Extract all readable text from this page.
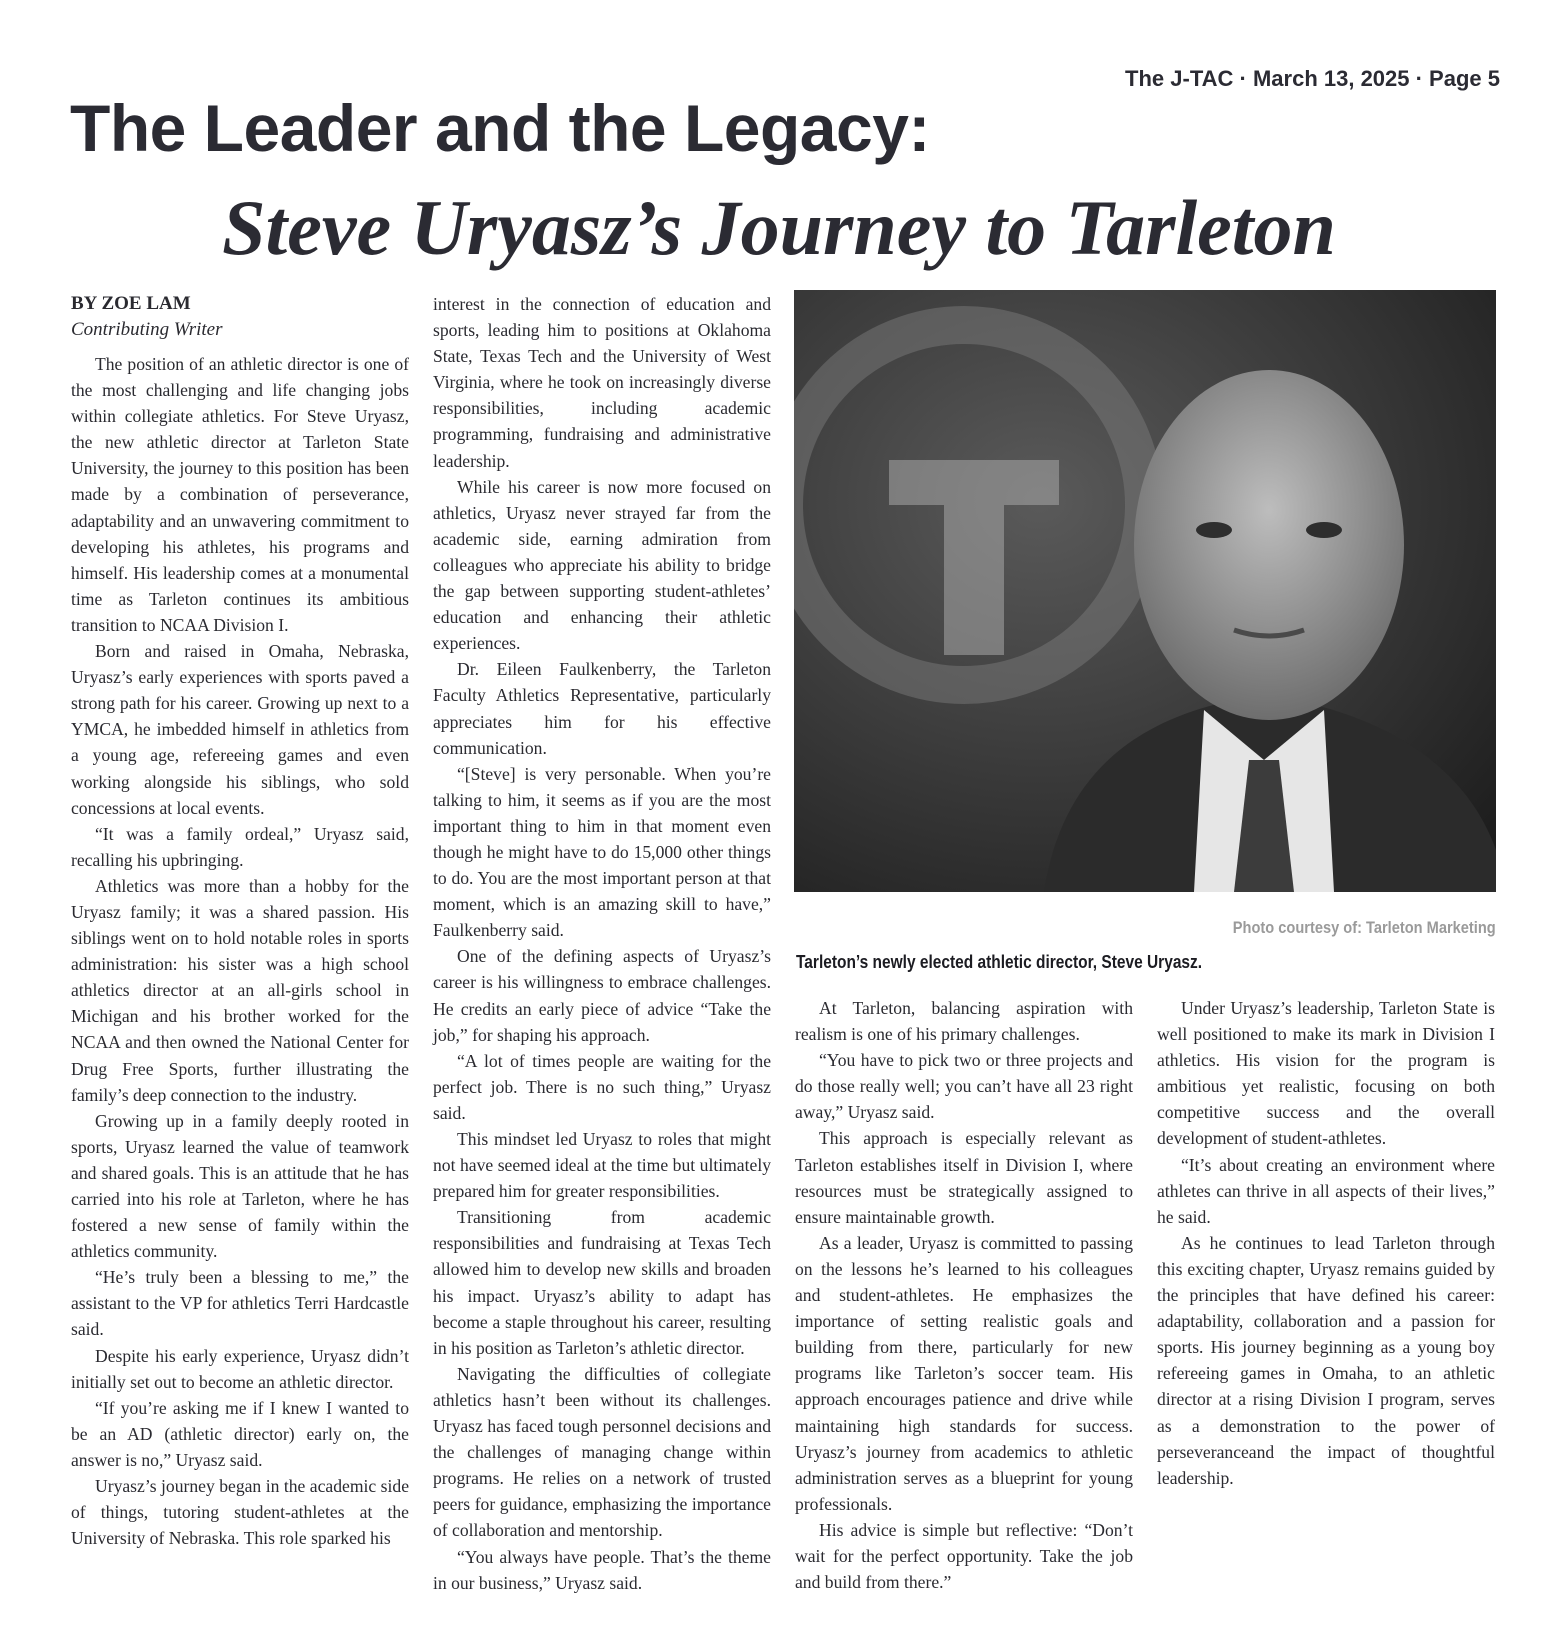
The J-TAC · March 13, 2025 · Page 5
The Leader and the Legacy:
Steve Uryasz’s Journey to Tarleton

BY ZOE LAM

Contributing Writer

The position of an athletic director is one of the most challenging and life changing jobs within collegiate athletics. For Steve Uryasz, the new athletic director at Tarleton State University, the journey to this position has been made by a combination of perseverance, adaptability and an unwavering commitment to developing his athletes, his programs and himself. His leadership comes at a monumental time as Tarleton continues its ambitious transition to NCAA Division I.

Born and raised in Omaha, Nebraska, Uryasz’s early experiences with sports paved a strong path for his career. Growing up next to a YMCA, he imbedded himself in athletics from a young age, refereeing games and even working alongside his siblings, who sold concessions at local events.

“It was a family ordeal,” Uryasz said, recalling his upbringing.

Athletics was more than a hobby for the Uryasz family; it was a shared passion. His siblings went on to hold notable roles in sports administration: his sister was a high school athletics director at an all-girls school in Michigan and his brother worked for the NCAA and then owned the National Center for Drug Free Sports, further illustrating the family’s deep connection to the industry.

Growing up in a family deeply rooted in sports, Uryasz learned the value of teamwork and shared goals. This is an attitude that he has carried into his role at Tarleton, where he has fostered a new sense of family within the athletics community.

“He’s truly been a blessing to me,” the assistant to the VP for athletics Terri Hardcastle said.

Despite his early experience, Uryasz didn’t initially set out to become an athletic director.

“If you’re asking me if I knew I wanted to be an AD (athletic director) early on, the answer is no,” Uryasz said.

Uryasz’s journey began in the academic side of things, tutoring student-athletes at the University of Nebraska. This role sparked his

interest in the connection of education and sports, leading him to positions at Oklahoma State, Texas Tech and the University of West Virginia, where he took on increasingly diverse responsibilities, including academic programming, fundraising and administrative leadership.

While his career is now more focused on athletics, Uryasz never strayed far from the academic side, earning admiration from colleagues who appreciate his ability to bridge the gap between supporting student-athletes’ education and enhancing their athletic experiences.

Dr. Eileen Faulkenberry, the Tarleton Faculty Athletics Representative, particularly appreciates him for his effective communication.

“[Steve] is very personable. When you’re talking to him, it seems as if you are the most important thing to him in that moment even though he might have to do 15,000 other things to do. You are the most important person at that moment, which is an amazing skill to have,” Faulkenberry said.

One of the defining aspects of Uryasz’s career is his willingness to embrace challenges. He credits an early piece of advice “Take the job,” for shaping his approach.

“A lot of times people are waiting for the perfect job. There is no such thing,” Uryasz said.

This mindset led Uryasz to roles that might not have seemed ideal at the time but ultimately prepared him for greater responsibilities.

Transitioning from academic responsibilities and fundraising at Texas Tech allowed him to develop new skills and broaden his impact. Uryasz’s ability to adapt has become a staple throughout his career, resulting in his position as Tarleton’s athletic director.

Navigating the difficulties of collegiate athletics hasn’t been without its challenges. Uryasz has faced tough personnel decisions and the challenges of managing change within programs. He relies on a network of trusted peers for guidance, emphasizing the importance of collaboration and mentorship.

“You always have people. That’s the theme in our business,” Uryasz said.

Photo courtesy of: Tarleton Marketing
Tarleton’s newly elected athletic director, Steve Uryasz.

At Tarleton, balancing aspiration with realism is one of his primary challenges.

“You have to pick two or three projects and do those really well; you can’t have all 23 right away,” Uryasz said.

This approach is especially relevant as Tarleton establishes itself in Division I, where resources must be strategically assigned to ensure maintainable growth.

As a leader, Uryasz is committed to passing on the lessons he’s learned to his colleagues and student-athletes. He emphasizes the importance of setting realistic goals and building from there, particularly for new programs like Tarleton’s soccer team. His approach encourages patience and drive while maintaining high standards for success. Uryasz’s journey from academics to athletic administration serves as a blueprint for young professionals.

His advice is simple but reflective: “Don’t wait for the perfect opportunity. Take the job and build from there.”

Under Uryasz’s leadership, Tarleton State is well positioned to make its mark in Division I athletics. His vision for the program is ambitious yet realistic, focusing on both competitive success and the overall development of student-athletes.

“It’s about creating an environment where athletes can thrive in all aspects of their lives,” he said.

As he continues to lead Tarleton through this exciting chapter, Uryasz remains guided by the principles that have defined his career: adaptability, collaboration and a passion for sports. His journey beginning as a young boy refereeing games in Omaha, to an athletic director at a rising Division I program, serves as a demonstration to the power of perseveranceand the impact of thoughtful leadership.
